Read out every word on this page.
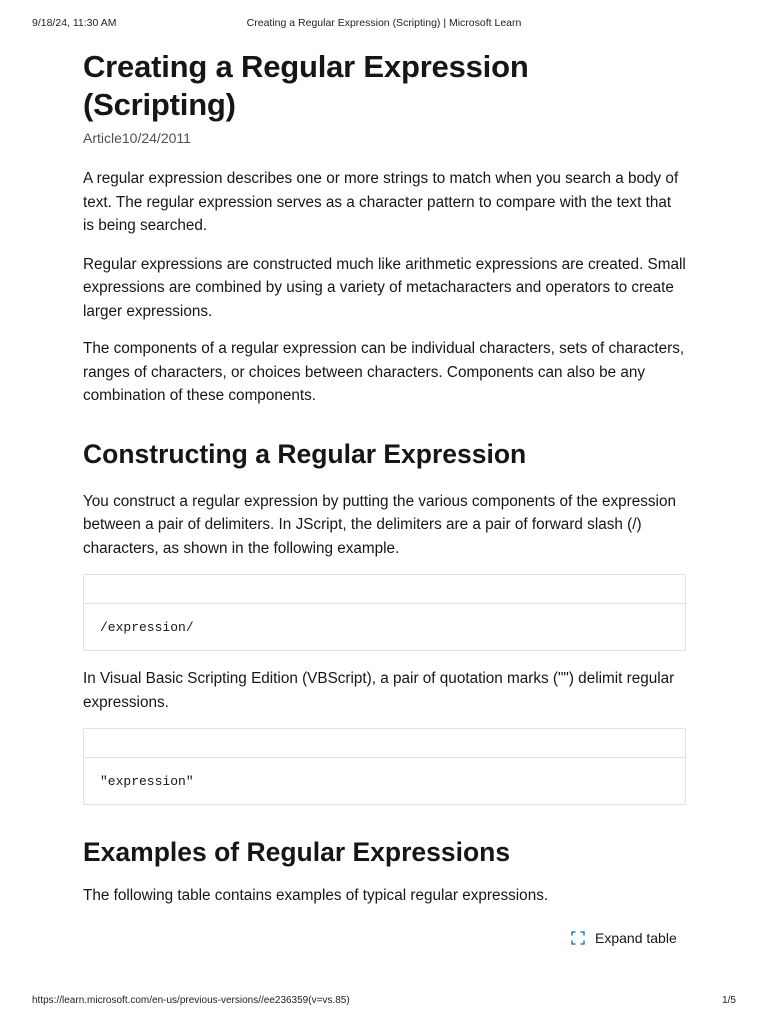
9/18/24, 11:30 AM	Creating a Regular Expression (Scripting) | Microsoft Learn
Creating a Regular Expression (Scripting)
Article10/24/2011

A regular expression describes one or more strings to match when you search a body of text. The regular expression serves as a character pattern to compare with the text that is being searched.

Regular expressions are constructed much like arithmetic expressions are created. Small expressions are combined by using a variety of metacharacters and operators to create larger expressions.

The components of a regular expression can be individual characters, sets of characters, ranges of characters, or choices between characters. Components can also be any combination of these components.

Constructing a Regular Expression

You construct a regular expression by putting the various components of the expression between a pair of delimiters. In JScript, the delimiters are a pair of forward slash (/) characters, as shown in the following example.

/expression/

In Visual Basic Scripting Edition (VBScript), a pair of quotation marks ("") delimit regular expressions.

"expression"
Examples of Regular Expressions

The following table contains examples of typical regular expressions.

Expand table
https://learn.microsoft.com/en-us/previous-versions//ee236359(v=vs.85)	1/5
